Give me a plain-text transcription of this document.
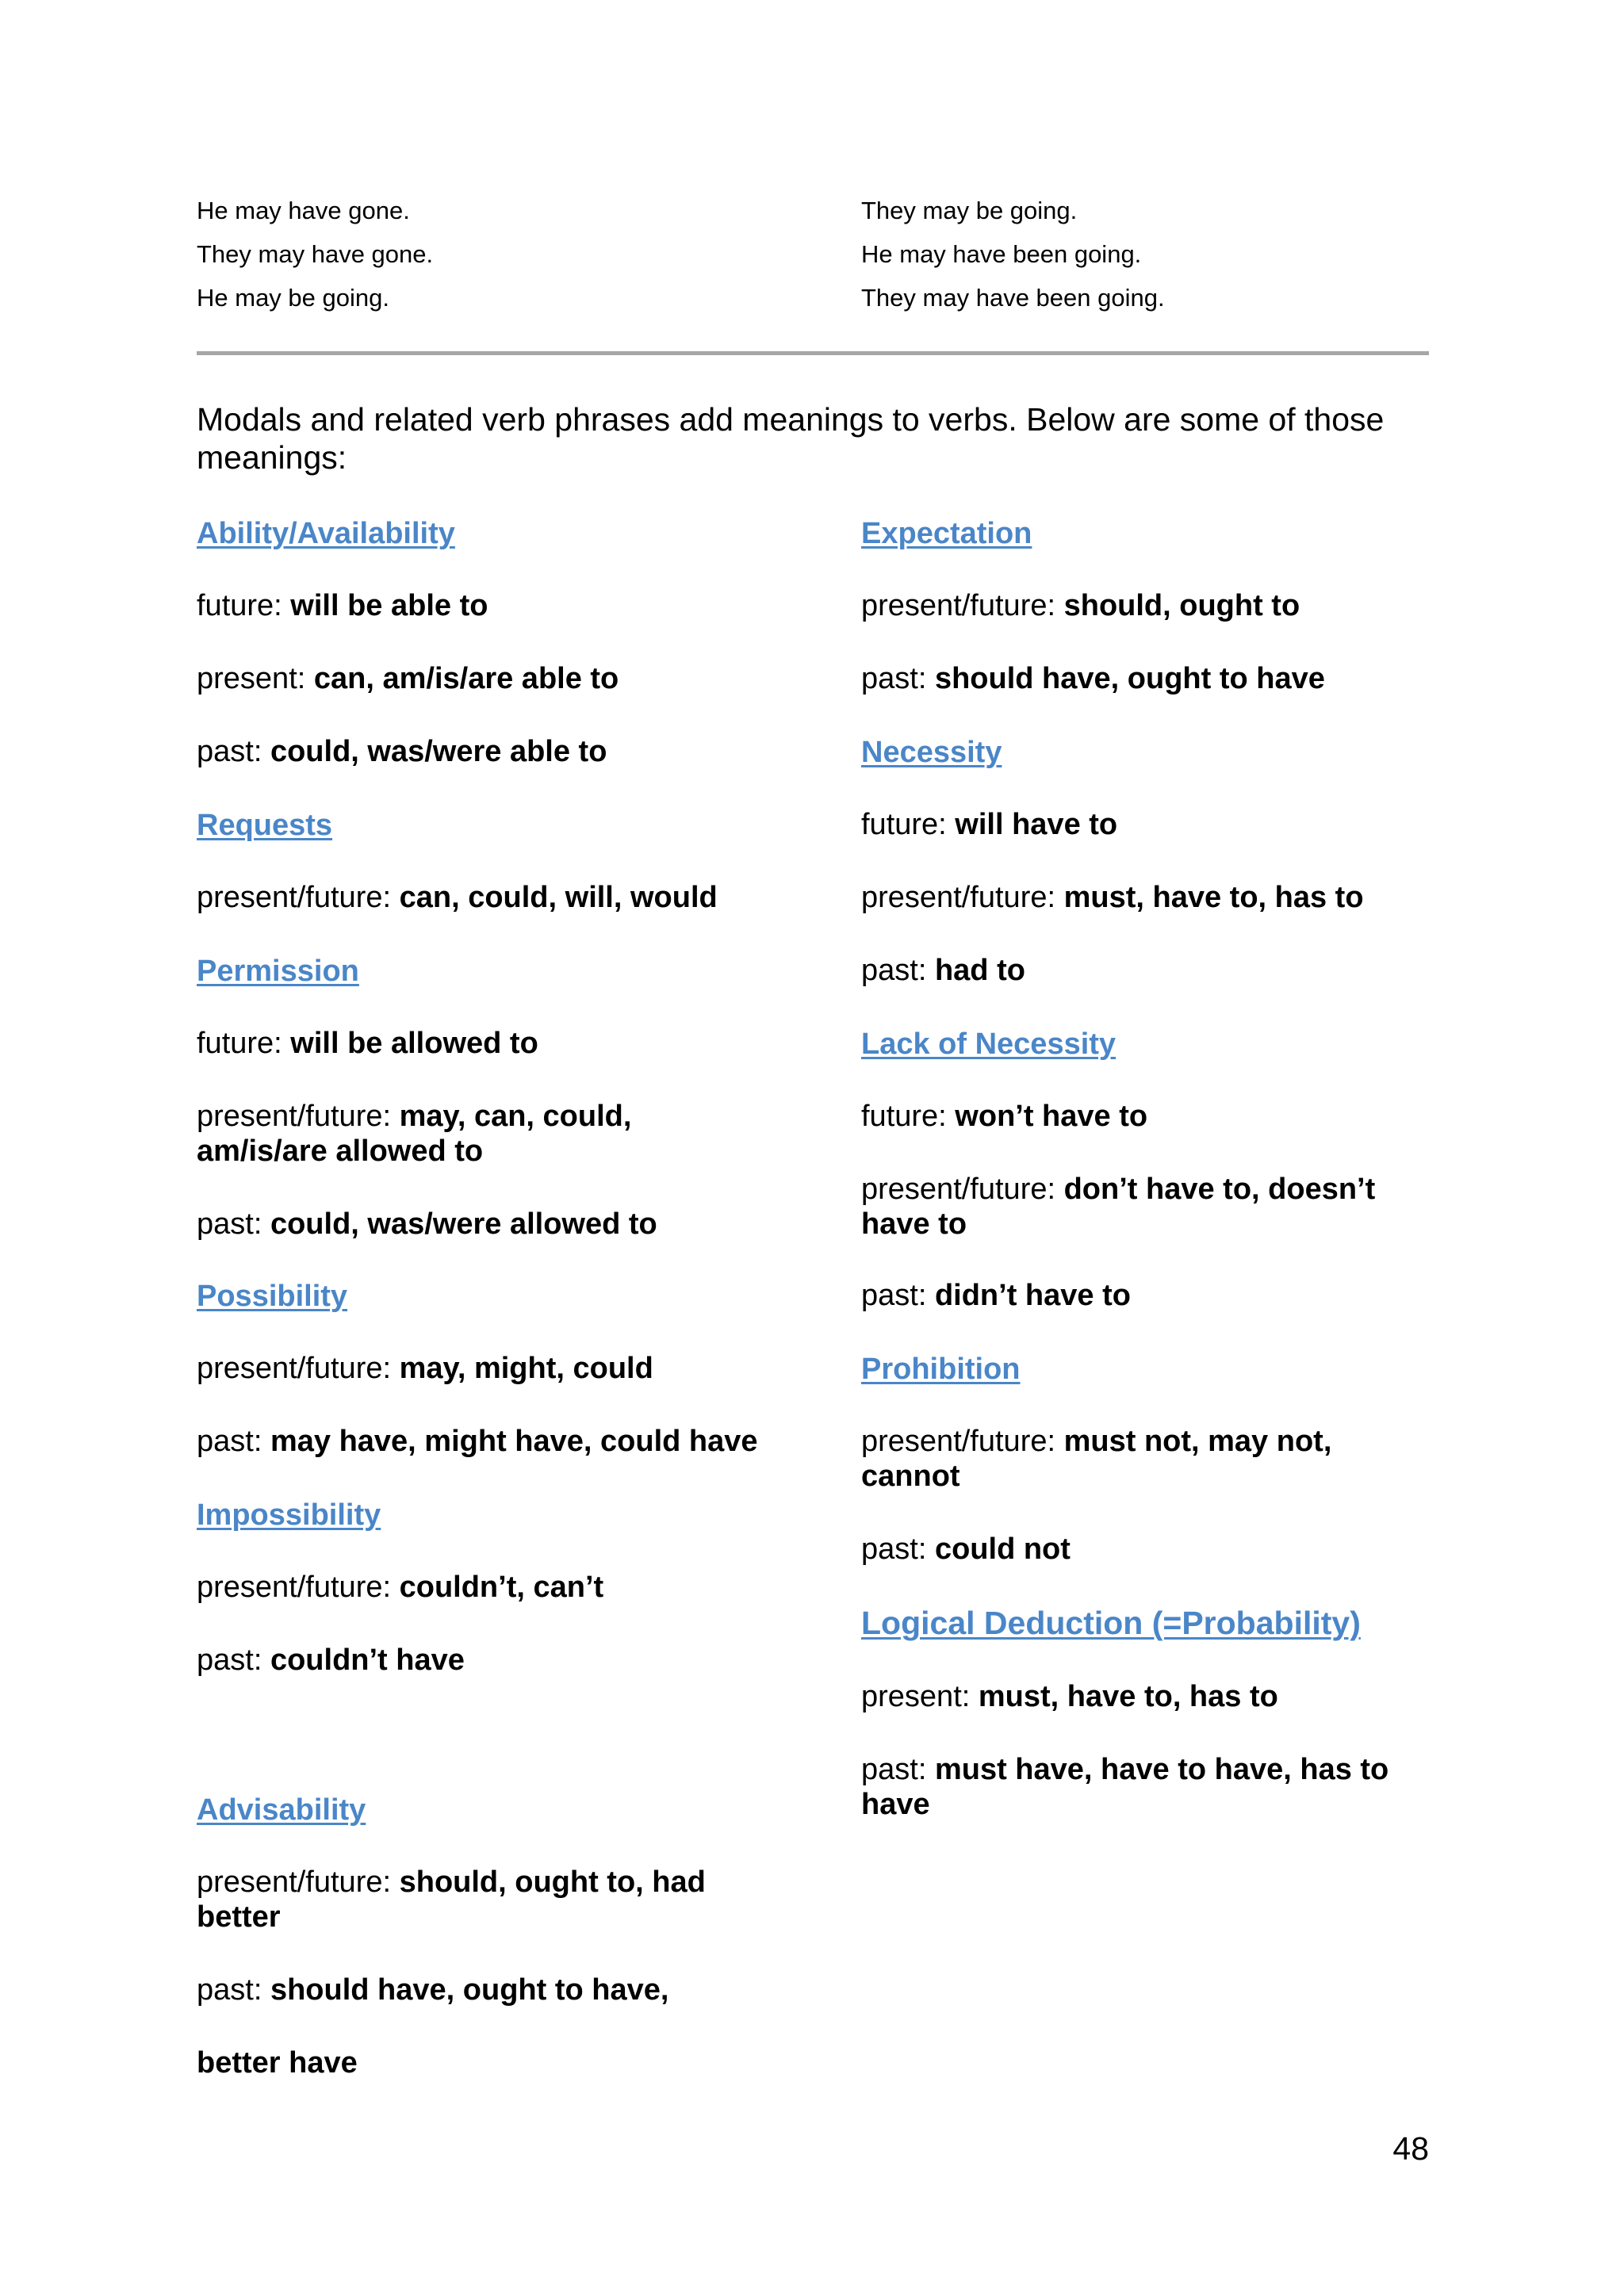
He may have gone.
They may have gone.
He may be going.
They may be going.
He may have been going.
They may have been going.
Modals and related verb phrases add meanings to verbs. Below are some of those meanings:
Ability/Availability
future: will be able to
present: can, am/is/are able to
past: could, was/were able to
Requests
present/future: can, could, will, would
Permission
future: will be allowed to
present/future: may, can, could, am/is/are allowed to
past: could, was/were allowed to
Possibility
present/future: may, might, could
past: may have, might have, could have
Impossibility
present/future: couldn’t, can’t
past: couldn’t have
Advisability
present/future: should, ought to, had better
past: should have, ought to have,
better have
Expectation
present/future: should, ought to
past: should have, ought to have
Necessity
future: will have to
present/future: must, have to, has to
past: had to
Lack of Necessity
future: won’t have to
present/future: don’t have to, doesn’t have to
past: didn’t have to
Prohibition
present/future: must not, may not, cannot
past: could not
Logical Deduction (=Probability)
present: must, have to, has to
past: must have, have to have, has to have
48
